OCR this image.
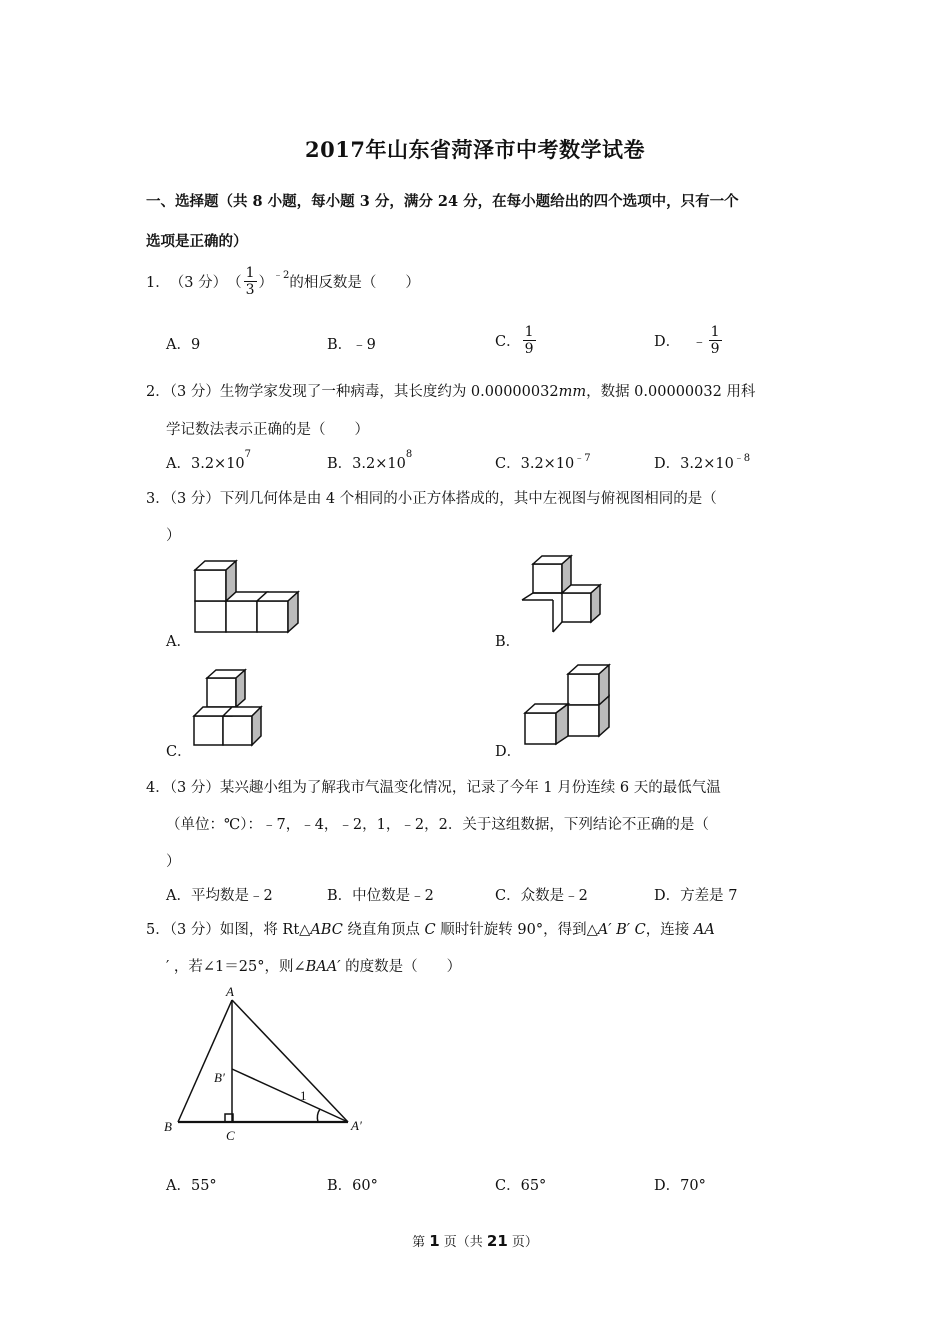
2017年山东省菏泽市中考数学试卷
一、选择题（共 8 小题，每小题 3 分，满分 24 分，在每小题给出的四个选项中，只有一个
选项是正确的）
1． （3 分） （ $\frac{1}{3}$ ） ﹣2 的相反数是（　　）
A．9	B．﹣9	C． $\frac{1}{9}$	D． ﹣ $\frac{1}{9}$
2．（3 分）生物学家发现了一种病毒，其长度约为 0.00000032mm，数据 0.00000032 用科
学记数法表示正确的是（　　）
A．$3.2\times 10^7$
B．$3.2\times 10^8$
C．$3.2\times 10^{﹣7}$	D．$3.2\times 10^{﹣8}$
3．（3 分）下列几何体是由 4 个相同的小正方体搭成的，其中左视图与俯视图相同的是（
）
A．	B．
C．	D．
4．（3 分）某兴趣小组为了解我市气温变化情况，记录了今年 1 月份连续 6 天的最低气温
（单位：℃）：﹣7，﹣4，﹣2，1，﹣2，2．关于这组数据，下列结论不正确的是（
）
A．平均数是﹣2	B．中位数是﹣2	C．众数是﹣2	D．方差是 7
5．（3 分）如图，将 Rt△ABC 绕直角顶点 C 顺时针旋转 90°，得到△A′ B′ C，连接 AA
′ ，若∠1＝25°，则∠BAA′ 的度数是（　　）
A
B′
B
C
A′
1
A．55°	B．60°	C．65°	D．70°
第 1 页（共 21 页）
